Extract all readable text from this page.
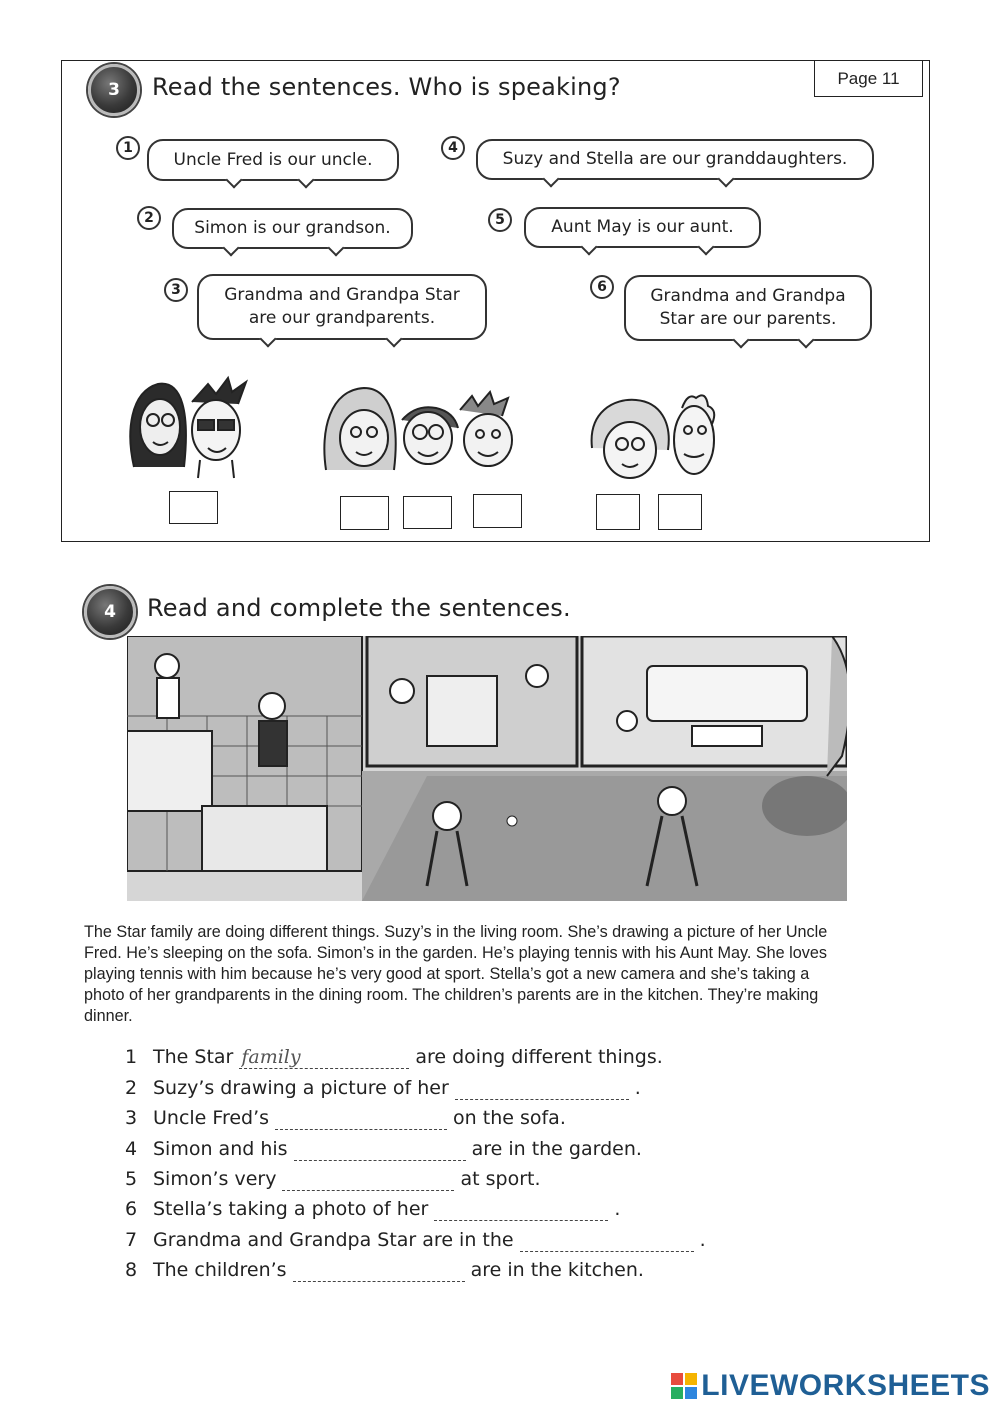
3 Read the sentences. Who is speaking?	Page 11
1
Uncle Fred is our uncle.
2
Simon is our grandson.
3	Grandma and Grandpa Star are our grandparents.
4
Suzy and Stella are our granddaughters.
5	Aunt May is our aunt.
6	Grandma and Grandpa Star are our parents.
4 Read and complete the sentences.
The Star family are doing different things. Suzy’s in the living room. She’s drawing a picture of her Uncle Fred. He’s sleeping on the sofa. Simon’s in the garden. He’s playing tennis with his Aunt May. She loves playing tennis with him because he’s very good at sport. Stella’s got a new camera and she’s taking a photo of her grandparents in the dining room. The children’s parents are in the kitchen. They’re making dinner.
1 The Star
family	are doing different things.
2 Suzy’s drawing a picture of her	.
3 Uncle Fred’s	on the sofa.
4 Simon and his	are in the garden.
5 Simon’s very	at sport.
6 Stella’s taking a photo of her	.
7 Grandma and Grandpa Star are in the	.
8 The children’s	are in the kitchen.
LIVEWORKSHEETS
